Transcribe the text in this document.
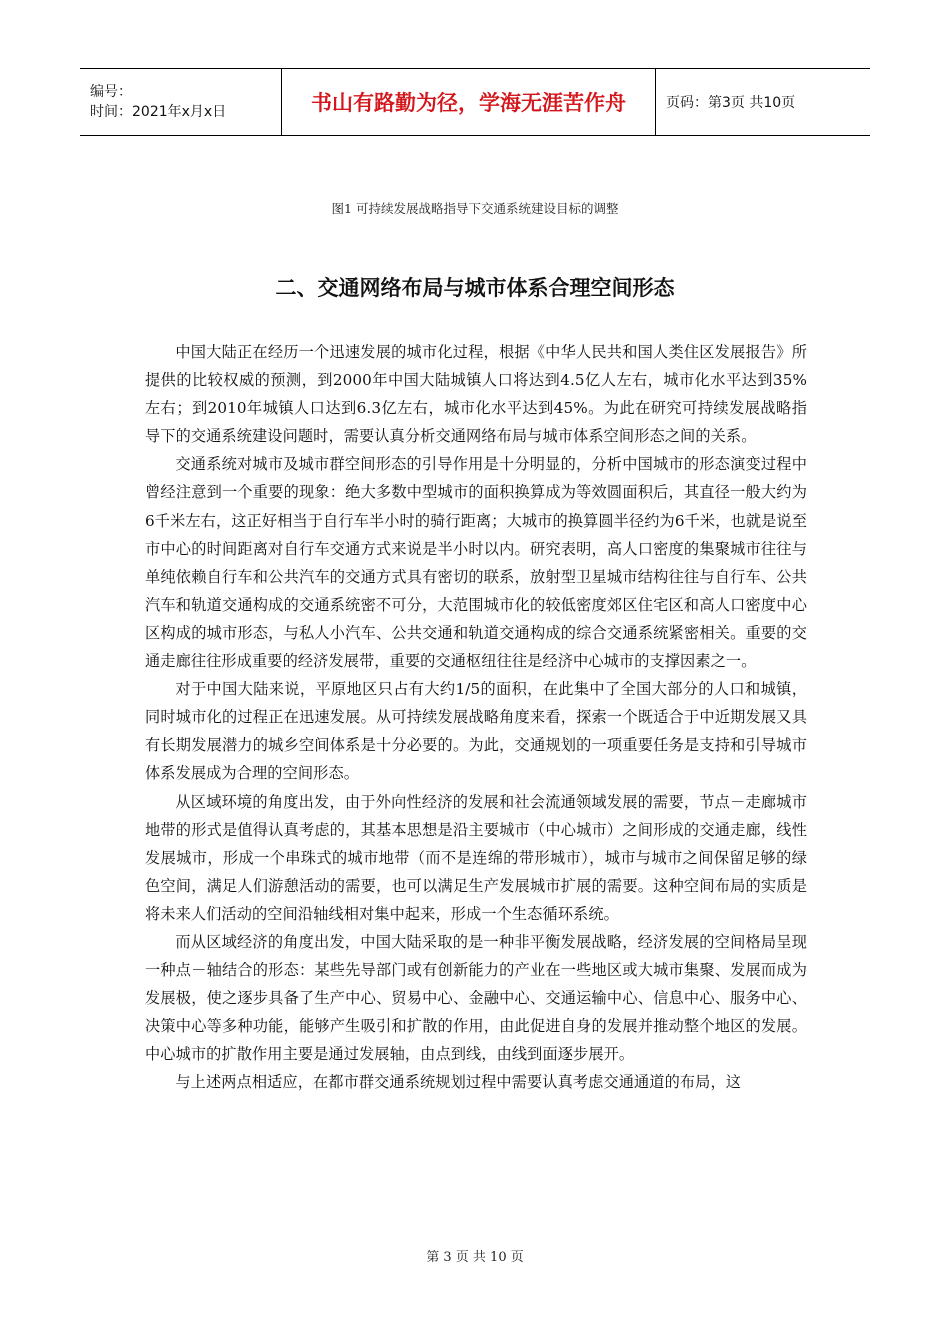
编号：
时间：2021年x月x日	书山有路勤为径，学海无涯苦作舟	页码：第3页 共10页
图1 可持续发展战略指导下交通系统建设目标的调整
二、交通网络布局与城市体系合理空间形态

中国大陆正在经历一个迅速发展的城市化过程，根据《中华人民共和国人类住区发展报告》所提供的比较权威的预测，到2000年中国大陆城镇人口将达到4.5亿人左右，城市化水平达到35%左右；到2010年城镇人口达到6.3亿左右，城市化水平达到45%。为此在研究可持续发展战略指导下的交通系统建设问题时，需要认真分析交通网络布局与城市体系空间形态之间的关系。

交通系统对城市及城市群空间形态的引导作用是十分明显的，分析中国城市的形态演变过程中曾经注意到一个重要的现象：绝大多数中型城市的面积换算成为等效圆面积后，其直径一般大约为6千米左右，这正好相当于自行车半小时的骑行距离；大城市的换算圆半径约为6千米，也就是说至市中心的时间距离对自行车交通方式来说是半小时以内。研究表明，高人口密度的集聚城市往往与单纯依赖自行车和公共汽车的交通方式具有密切的联系，放射型卫星城市结构往往与自行车、公共汽车和轨道交通构成的交通系统密不可分，大范围城市化的较低密度郊区住宅区和高人口密度中心区构成的城市形态，与私人小汽车、公共交通和轨道交通构成的综合交通系统紧密相关。重要的交通走廊往往形成重要的经济发展带，重要的交通枢纽往往是经济中心城市的支撑因素之一。

对于中国大陆来说，平原地区只占有大约1/5的面积，在此集中了全国大部分的人口和城镇，同时城市化的过程正在迅速发展。从可持续发展战略角度来看，探索一个既适合于中近期发展又具有长期发展潜力的城乡空间体系是十分必要的。为此，交通规划的一项重要任务是支持和引导城市体系发展成为合理的空间形态。

从区域环境的角度出发，由于外向性经济的发展和社会流通领域发展的需要，节点－走廊城市地带的形式是值得认真考虑的，其基本思想是沿主要城市（中心城市）之间形成的交通走廊，线性发展城市，形成一个串珠式的城市地带（而不是连绵的带形城市），城市与城市之间保留足够的绿色空间，满足人们游憩活动的需要，也可以满足生产发展城市扩展的需要。这种空间布局的实质是将未来人们活动的空间沿轴线相对集中起来，形成一个生态循环系统。

而从区域经济的角度出发，中国大陆采取的是一种非平衡发展战略，经济发展的空间格局呈现一种点－轴结合的形态：某些先导部门或有创新能力的产业在一些地区或大城市集聚、发展而成为发展极，使之逐步具备了生产中心、贸易中心、金融中心、交通运输中心、信息中心、服务中心、决策中心等多种功能，能够产生吸引和扩散的作用，由此促进自身的发展并推动整个地区的发展。中心城市的扩散作用主要是通过发展轴，由点到线，由线到面逐步展开。

与上述两点相适应，在都市群交通系统规划过程中需要认真考虑交通通道的布局，这

第 3 页 共 10 页
